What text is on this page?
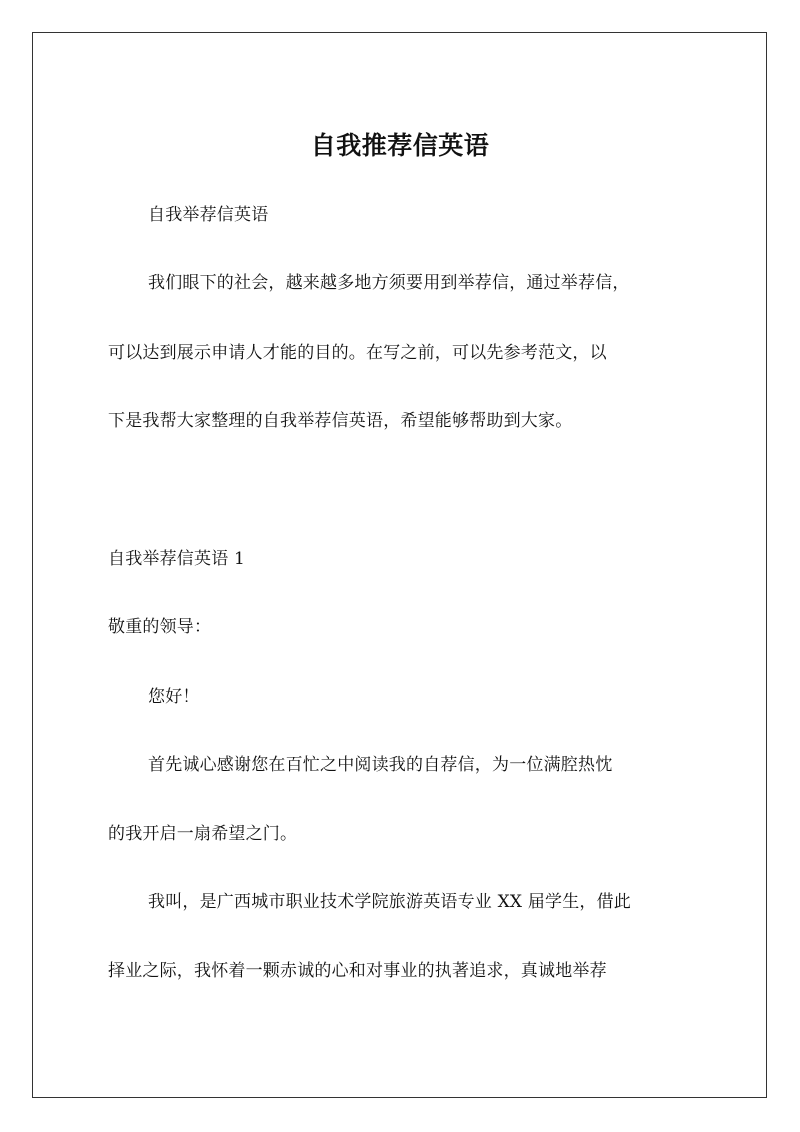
自我推荐信英语

自我举荐信英语

我们眼下的社会，越来越多地方须要用到举荐信，通过举荐信，

可以达到展示申请人才能的目的。在写之前，可以先参考范文，以

下是我帮大家整理的自我举荐信英语，希望能够帮助到大家。

自我举荐信英语 1

敬重的领导：

您好！

首先诚心感谢您在百忙之中阅读我的自荐信，为一位满腔热忱

的我开启一扇希望之门。

我叫，是广西城市职业技术学院旅游英语专业 XX 届学生，借此

择业之际，我怀着一颗赤诚的心和对事业的执著追求，真诚地举荐
